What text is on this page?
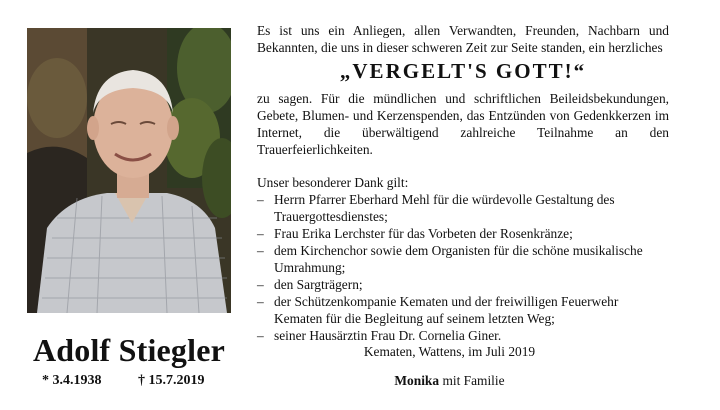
Adolf Stiegler
* 3.4.1938	† 15.7.2019

Es ist uns ein Anliegen, allen Verwandten, Freunden, Nachbarn und Bekannten, die uns in dieser schweren Zeit zur Seite standen, ein herzliches

„VERGELT'S GOTT!“

zu sagen. Für die mündlichen und schriftlichen Beileidsbekundungen, Gebete, Blumen- und Kerzenspenden, das Entzünden von Gedenkkerzen im Internet, die überwältigend zahlreiche Teilnahme an den Trauerfeierlichkeiten.

Unser besonderer Dank gilt:

– Herrn Pfarrer Eberhard Mehl für die würdevolle Gestaltung des Trauergottesdienstes;
– Frau Erika Lerchster für das Vorbeten der Rosenkränze;
– dem Kirchenchor sowie dem Organisten für die schöne musikalische Umrahmung;
– den Sargträgern;
– der Schützenkompanie Kematen und der freiwilligen Feuerwehr Kematen für die Begleitung auf seinem letzten Weg;
– seiner Hausärztin Frau Dr. Cornelia Giner.
Kematen, Wattens, im Juli 2019
Monika mit Familie
